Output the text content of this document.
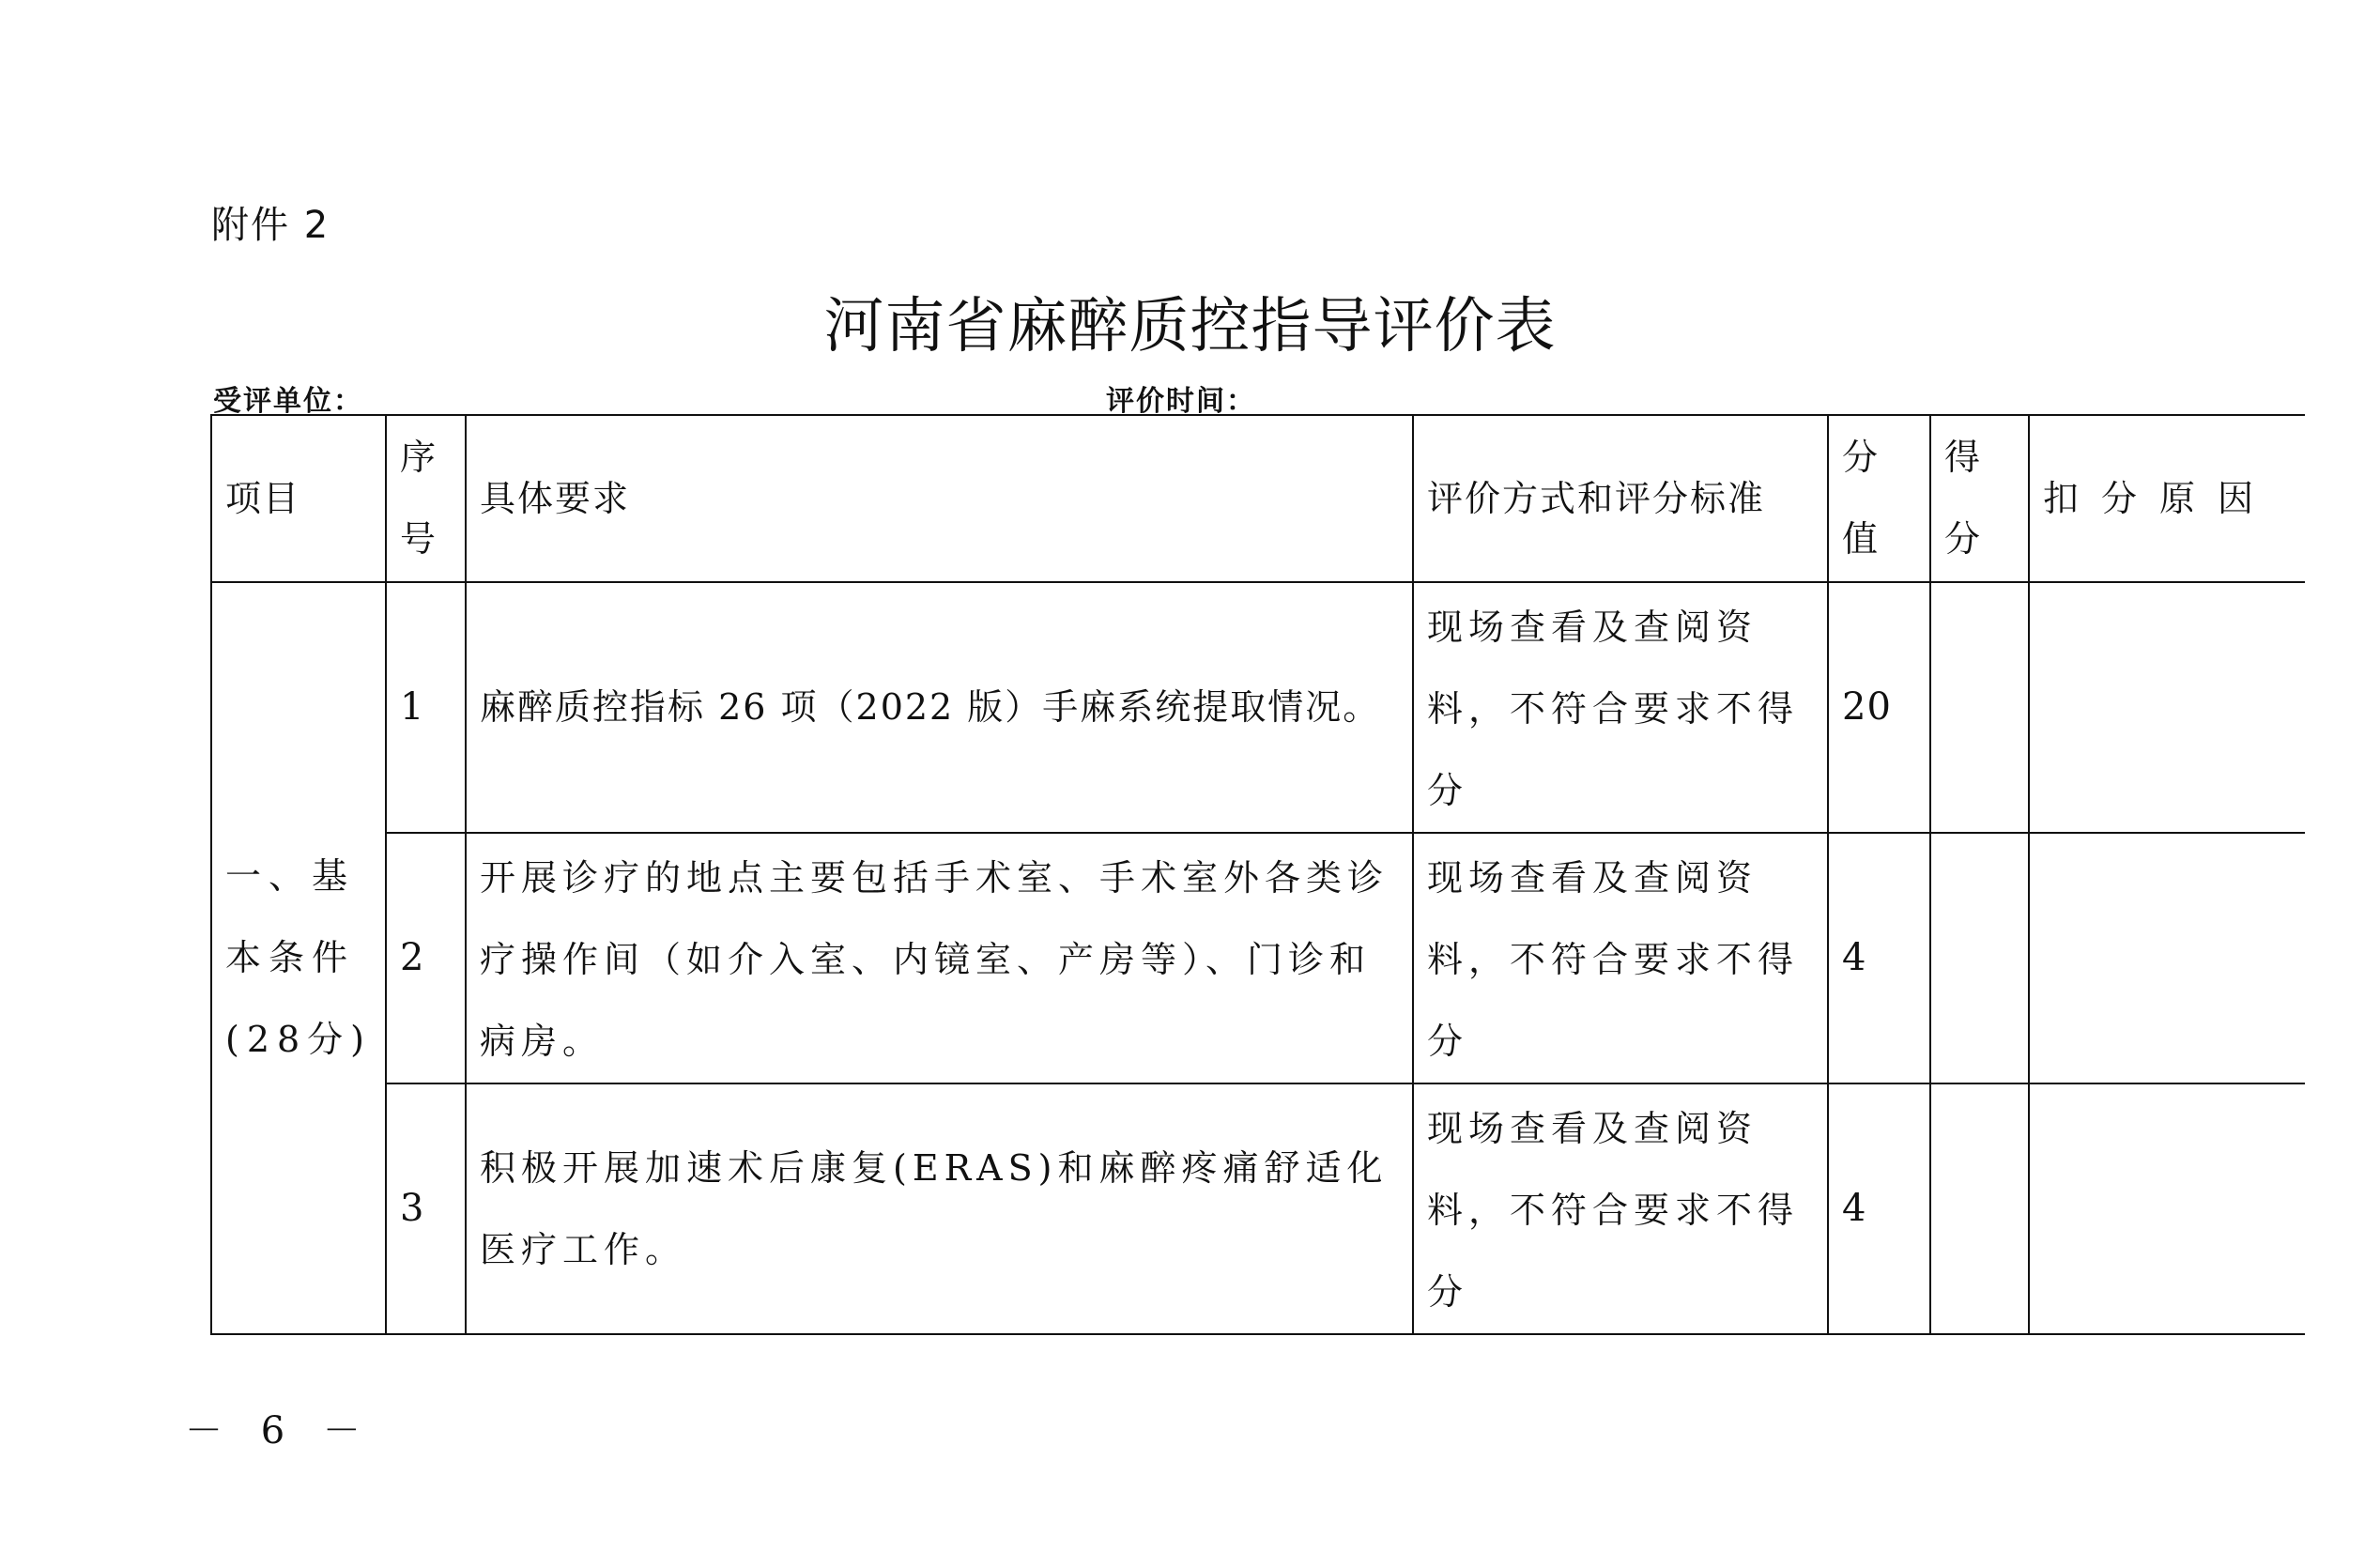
附件 2
河南省麻醉质控指导评价表
受评单位：	评价时间：
项目	序号	具体要求	评价方式和评分标准	分值	得分	扣分原因
一、基本条件(28分)	1	麻醉质控指标 26 项（2022 版）手麻系统提取情况。	现场查看及查阅资料，不符合要求不得分	20		
	2	开展诊疗的地点主要包括手术室、手术室外各类诊疗操作间（如介入室、内镜室、产房等）、门诊和病房。	现场查看及查阅资料，不符合要求不得分	4		
	3	积极开展加速术后康复(ERAS)和麻醉疼痛舒适化医疗工作。	现场查看及查阅资料，不符合要求不得分	4		
－ 6 －
